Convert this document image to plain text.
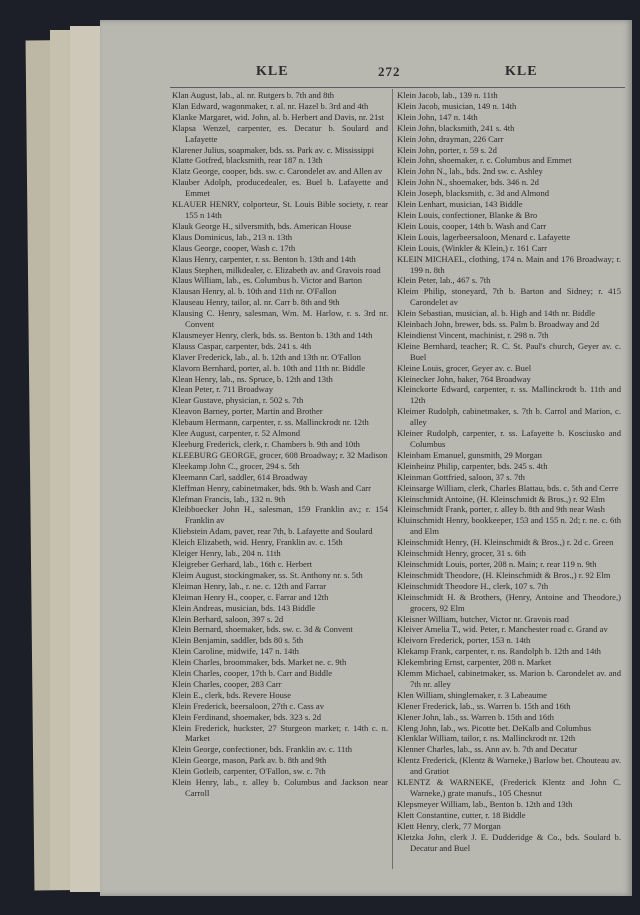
KLE	272	KLE
Klan August, lab., al. nr. Rutgers b. 7th and 8th
Klan Edward, wagonmaker, r. al. nr. Hazel b. 3rd and 4th
Klanke Margaret, wid. John, al. b. Herbert and Davis, nr. 21st
Klapsa Wenzel, carpenter, es. Decatur b. Soulard and Lafayette
Klarener Julius, soapmaker, bds. ss. Park av. c. Mississippi
Klatte Gotfred, blacksmith, rear 187 n. 13th
Klatz George, cooper, bds. sw. c. Carondelet av. and Allen av
Klauber Adolph, producedealer, es. Buel b. Lafayette and Emmet
KLAUER HENRY, colporteur, St. Louis Bible society, r. rear 155 n 14th
Klauk George H., silversmith, bds. American House
Klaus Dominicus, lab., 213 n. 13th
Klaus George, cooper, Wash c. 17th
Klaus Henry, carpenter, r. ss. Benton b. 13th and 14th
Klaus Stephen, milkdealer, c. Elizabeth av. and Gravois road
Klaus William, lab., es. Columbus b. Victor and Barton
Klausan Henry, al. b. 10th and 11th nr. O'Fallon
Klauseau Henry, tailor, al. nr. Carr b. 8th and 9th
Klausing C. Henry, salesman, Wm. M. Harlow, r. s. 3rd nr. Convent
Klausmeyer Henry, clerk, bds. ss. Benton b. 13th and 14th
Klauss Caspar, carpenter, bds. 241 s. 4th
Klaver Frederick, lab., al. b. 12th and 13th nr. O'Fallon
Klavorn Bernhard, porter, al. b. 10th and 11th nr. Biddle
Klean Henry, lab., ns. Spruce, b. 12th and 13th
Klean Peter, r. 711 Broadway
Klear Gustave, physician, r. 502 s. 7th
Kleavon Barney, porter, Martin and Brother
Klebaum Hermann, carpenter, r. ss. Mallinckrodt nr. 12th
Klee August, carpenter, r. 52 Almond
Kleeburg Frederick, clerk, r. Chambers b. 9th and 10th
KLEEBURG GEORGE, grocer, 608 Broadway; r. 32 Madison
Kleekamp John C., grocer, 294 s. 5th
Kleemann Carl, saddler, 614 Broadway
Kleffman Henry, cabinetmaker, bds. 9th b. Wash and Carr
Klefman Francis, lab., 132 n. 9th
Kleibboecker John H., salesman, 159 Franklin av.; r. 154 Franklin av
Kliebstein Adam, paver, rear 7th, b. Lafayette and Soulard
Kleich Elizabeth, wid. Henry, Franklin av. c. 15th
Kleiger Henry, lab., 204 n. 11th
Kleigreber Gerhard, lab., 16th c. Herbert
Kleim August, stockingmaker, ss. St. Anthony nr. s. 5th
Kleiman Henry, lab., r. ne. c. 12th and Farrar
Kleiman Henry H., cooper, c. Farrar and 12th
Klein Andreas, musician, bds. 143 Biddle
Klein Berhard, saloon, 397 s. 2d
Klein Bernard, shoemaker, bds. sw. c. 3d & Convent
Klein Benjamin, saddler, bds 80 s. 5th
Klein Caroline, midwife, 147 n. 14th
Klein Charles, broommaker, bds. Market ne. c. 9th
Klein Charles, cooper, 17th b. Carr and Biddle
Klein Charles, cooper, 283 Carr
Klein E., clerk, bds. Revere House
Klein Frederick, beersaloon, 27th c. Cass av
Klein Ferdinand, shoemaker, bds. 323 s. 2d
Klein Frederick, huckster, 27 Sturgeon market; r. 14th c. n. Market
Klein George, confectioner, bds. Franklin av. c. 11th
Klein George, mason, Park av. b. 8th and 9th
Klein Gotleib, carpenter, O'Fallon, sw. c. 7th
Klein Henry, lab., r. alley b. Columbus and Jackson near Carroll
Klein Jacob, lab., 139 n. 11th
Klein Jacob, musician, 149 n. 14th
Klein John, 147 n. 14th
Klein John, blacksmith, 241 s. 4th
Klein John, drayman, 226 Carr
Klein John, porter, r. 59 s. 2d
Klein John, shoemaker, r. c. Columbus and Emmet
Klein John N., lab., bds. 2nd sw. c. Ashley
Klein John N., shoemaker, bds. 346 n. 2d
Klein Joseph, blacksmith, c. 3d and Almond
Klein Lenhart, musician, 143 Biddle
Klein Louis, confectioner, Blanke & Bro
Klein Louis, cooper, 14th b. Wash and Carr
Klein Louis, lagerbeersaloon, Menard c. Lafayette
Klein Louis, (Winkler & Klein,) r. 161 Carr
KLEIN MICHAEL, clothing, 174 n. Main and 176 Broadway; r. 199 n. 8th
Klein Peter, lab., 467 s. 7th
Kleim Philip, stoneyard, 7th b. Barton and Sidney; r. 415 Carondelet av
Klein Sebastian, musician, al. b. High and 14th nr. Biddle
Kleinbach John, brewer, bds. ss. Palm b. Broadway and 2d
Kleindienst Vincent, machinist, r. 298 n. 7th
Kleine Bernhard, teacher; R. C. St. Paul's church, Geyer av. c. Buel
Kleine Louis, grocer, Geyer av. c. Buel
Kleinecker John, baker, 764 Broadway
Kleinckorte Edward, carpenter, r. ss. Mallinckrodt b. 11th and 12th
Kleimer Rudolph, cabinetmaker, s. 7th b. Carrol and Marion, c. alley
Kleiner Rudolph, carpenter, r. ss. Lafayette b. Kosciusko and Columbus
Kleinbam Emanuel, gunsmith, 29 Morgan
Kleinheinz Philip, carpenter, bds. 245 s. 4th
Kleinman Gottfried, saloon, 37 s. 7th
Kleinsarge William, clerk, Charles Blattau, bds. c. 5th and Cerre
Kleinschmidt Antoine, (H. Kleinschmidt & Bros.,) r. 92 Elm
Kleinschmidt Frank, porter, r. alley b. 8th and 9th near Wash
Kluinschmidt Henry, bookkeeper, 153 and 155 n. 2d; r. ne. c. 6th and Elm
Kleinschmidt Henry, (H. Kleinschmidt & Bros.,) r. 2d c. Green
Kleinschmidt Henry, grocer, 31 s. 6th
Kleinschmidt Louis, porter, 208 n. Main; r. rear 119 n. 9th
Kleinschmidt Theodore, (H. Kleinschmidt & Bros.,) r. 92 Elm
Kleinschmidt Theodore H., clerk, 107 s. 7th
Kleinschmidt H. & Brothers, (Henry, Antoine and Theodore,) grocers, 92 Elm
Kleisner William, butcher, Victor nr. Gravois road
Kleiver Amelia T., wid. Peter, r. Manchester road c. Grand av
Kleivorn Frederick, porter, 153 n. 14th
Klekamp Frank, carpenter, r. ns. Randolph b. 12th and 14th
Klekembring Ernst, carpenter, 208 n. Market
Klemm Michael, cabinetmaker, ss. Marion b. Carondelet av. and 7th nr. alley
Klen William, shinglemaker, r. 3 Labeaume
Klener Frederick, lab., ss. Warren b. 15th and 16th
Klener John, lab., ss. Warren b. 15th and 16th
Kleng John, lab., ws. Picotte bet. DeKalb and Columbus
Klenklar William, tailor, r. ns. Mallinckrodt nr. 12th
Klenner Charles, lab., ss. Ann av. b. 7th and Decatur
Klentz Frederick, (Klentz & Warneke,) Barlow bet. Chouteau av. and Gratiot
KLENTZ & WARNEKE, (Frederick Klentz and John C. Warneke,) grate manufs., 105 Chesnut
Klepsmeyer William, lab., Benton b. 12th and 13th
Klett Constantine, cutter, r. 18 Biddle
Klett Henry, clerk, 77 Morgan
Kletzka John, clerk J. E. Dudderidge & Co., bds. Soulard b. Decatur and Buel
